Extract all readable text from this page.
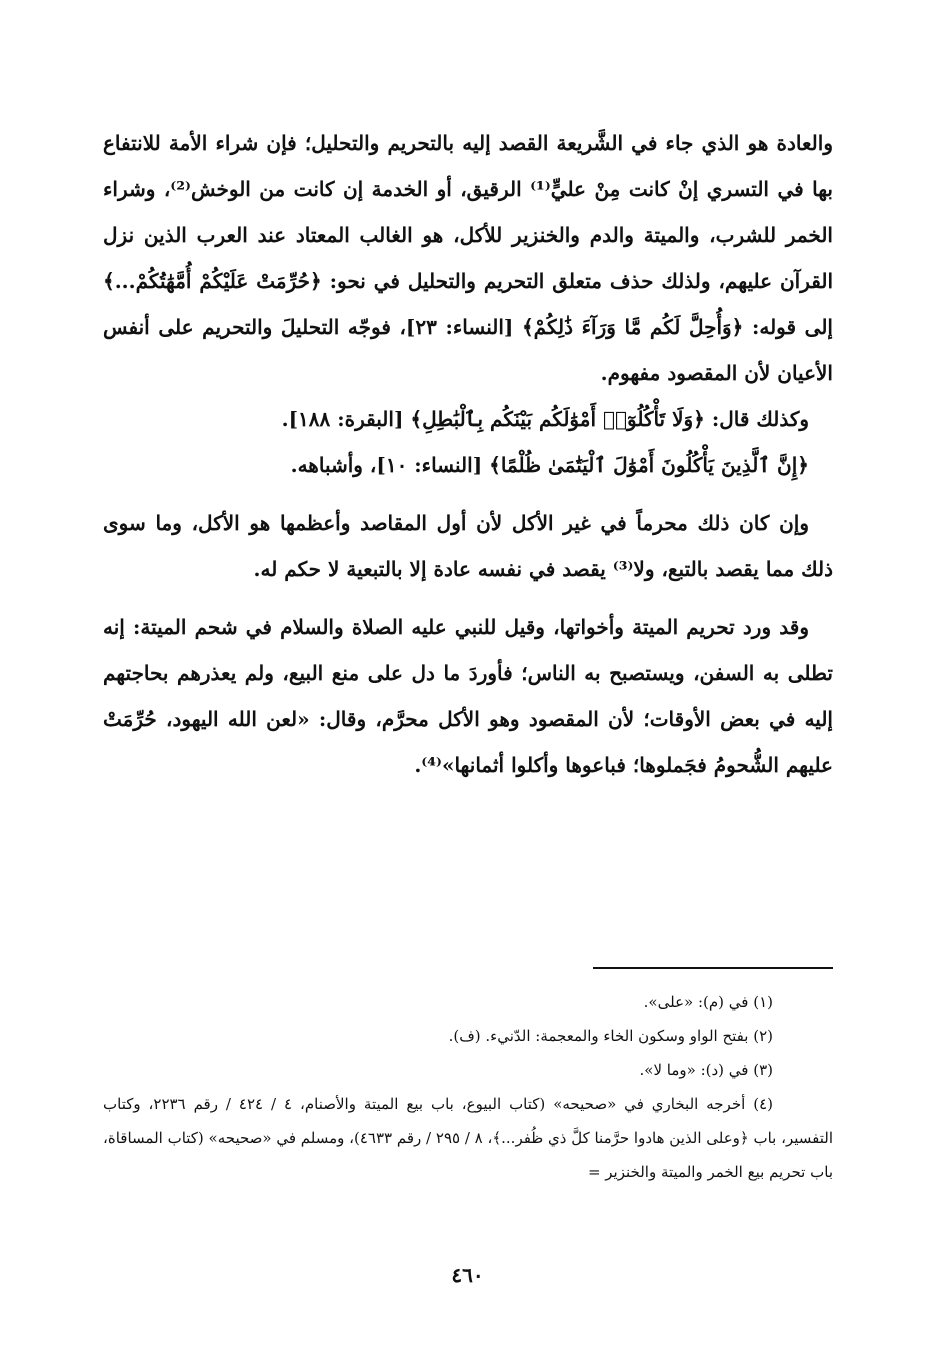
والعادة هو الذي جاء في الشَّريعة القصد إليه بالتحريم والتحليل؛ فإن شراء الأمة للانتفاع بها في التسري إنْ كانت مِنْ عليٍّ⁽¹⁾ الرقيق، أو الخدمة إن كانت من الوخش⁽²⁾، وشراء الخمر للشرب، والميتة والدم والخنزير للأكل، هو الغالب المعتاد عند العرب الذين نزل القرآن عليهم، ولذلك حذف متعلق التحريم والتحليل في نحو: ﴿حُرِّمَتْ عَلَيْكُمْ أُمَّهَٰتُكُمْ...﴾ إلى قوله: ﴿وَأُحِلَّ لَكُم مَّا وَرَآءَ ذَٰلِكُمْ﴾ [النساء: ٢٣]، فوجّه التحليلَ والتحريم على أنفس الأعيان لأن المقصود مفهوم.

وكذلك قال: ﴿وَلَا تَأْكُلُوٓا۟ أَمْوَٰلَكُم بَيْنَكُم بِٱلْبَٰطِلِ﴾ [البقرة: ١٨٨].

﴿إِنَّ ٱلَّذِينَ يَأْكُلُونَ أَمْوَٰلَ ٱلْيَتَٰمَىٰ ظُلْمًا﴾ [النساء: ١٠]، وأشباهه.

وإن كان ذلك محرماً في غير الأكل لأن أول المقاصد وأعظمها هو الأكل، وما سوى ذلك مما يقصد بالتبع، ولا⁽³⁾ يقصد في نفسه عادة إلا بالتبعية لا حكم له.

وقد ورد تحريم الميتة وأخواتها، وقيل للنبي عليه الصلاة والسلام في شحم الميتة: إنه تطلى به السفن، ويستصبح به الناس؛ فأوردَ ما دل على منع البيع، ولم يعذرهم بحاجتهم إليه في بعض الأوقات؛ لأن المقصود وهو الأكل محرَّم، وقال: «لعن الله اليهود، حُرِّمَتْ عليهم الشُّحومُ فجَملوها؛ فباعوها وأكلوا أثمانها»⁽⁴⁾.

(١) في (م): «على».

(٢) بفتح الواو وسكون الخاء والمعجمة: الدّنيء. (ف).

(٣) في (د): «وما لا».

(٤) أخرجه البخاري في «صحيحه» (كتاب البيوع، باب بيع الميتة والأصنام، ٤ / ٤٢٤ / رقم ٢٢٣٦، وكتاب التفسير، باب ﴿وعلى الذين هادوا حرَّمنا كلَّ ذي ظُفر...﴾، ٨ / ٢٩٥ / رقم ٤٦٣٣)، ومسلم في «صحيحه» (كتاب المساقاة، باب تحريم بيع الخمر والميتة والخنزير =

٤٦٠
